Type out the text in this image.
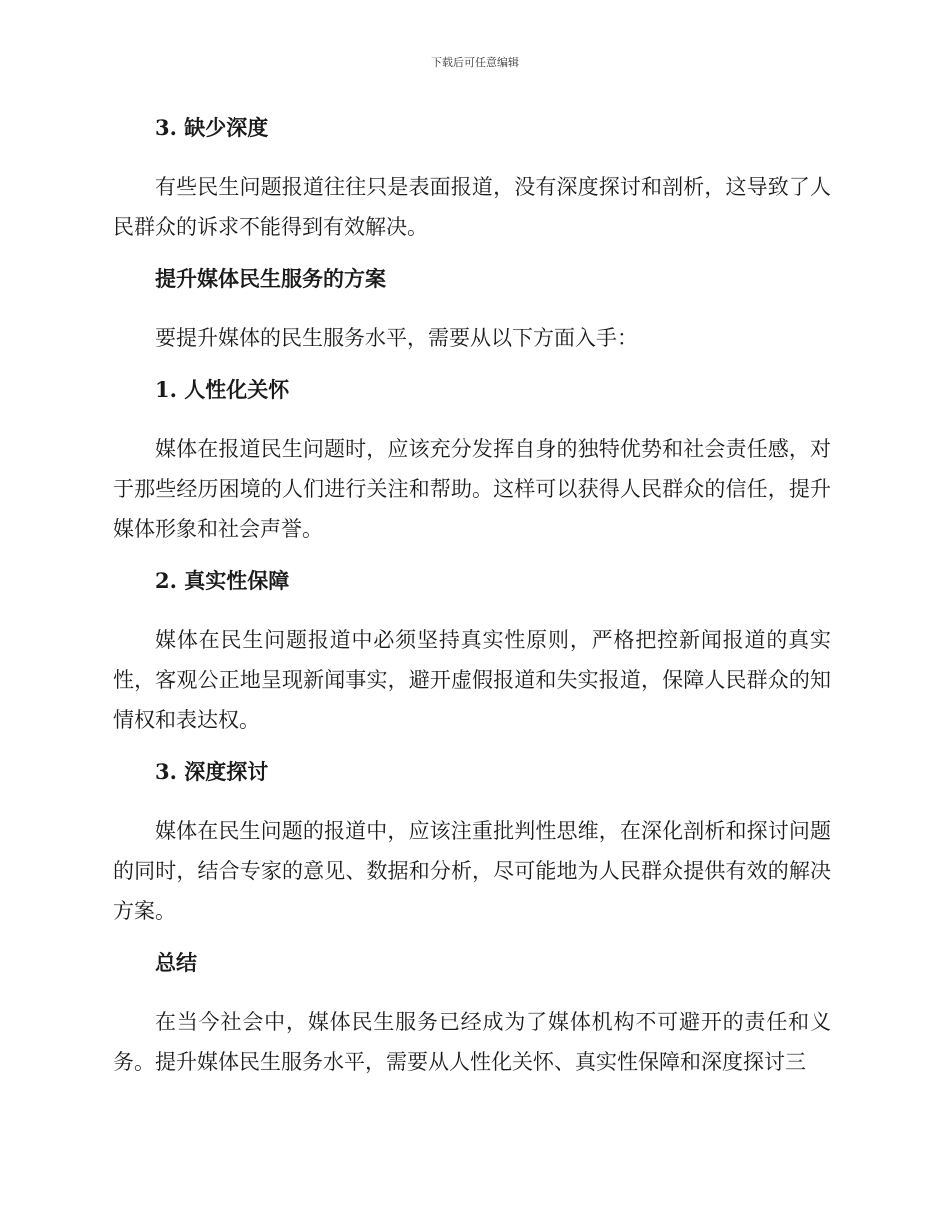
下载后可任意编辑
3. 缺少深度

有些民生问题报道往往只是表面报道，没有深度探讨和剖析，这导致了人民群众的诉求不能得到有效解决。

提升媒体民生服务的方案

要提升媒体的民生服务水平，需要从以下方面入手：

1. 人性化关怀

媒体在报道民生问题时，应该充分发挥自身的独特优势和社会责任感，对于那些经历困境的人们进行关注和帮助。这样可以获得人民群众的信任，提升媒体形象和社会声誉。

2. 真实性保障

媒体在民生问题报道中必须坚持真实性原则，严格把控新闻报道的真实性，客观公正地呈现新闻事实，避开虚假报道和失实报道，保障人民群众的知情权和表达权。

3. 深度探讨

媒体在民生问题的报道中，应该注重批判性思维，在深化剖析和探讨问题的同时，结合专家的意见、数据和分析，尽可能地为人民群众提供有效的解决方案。

总结

在当今社会中，媒体民生服务已经成为了媒体机构不可避开的责任和义务。提升媒体民生服务水平，需要从人性化关怀、真实性保障和深度探讨三
